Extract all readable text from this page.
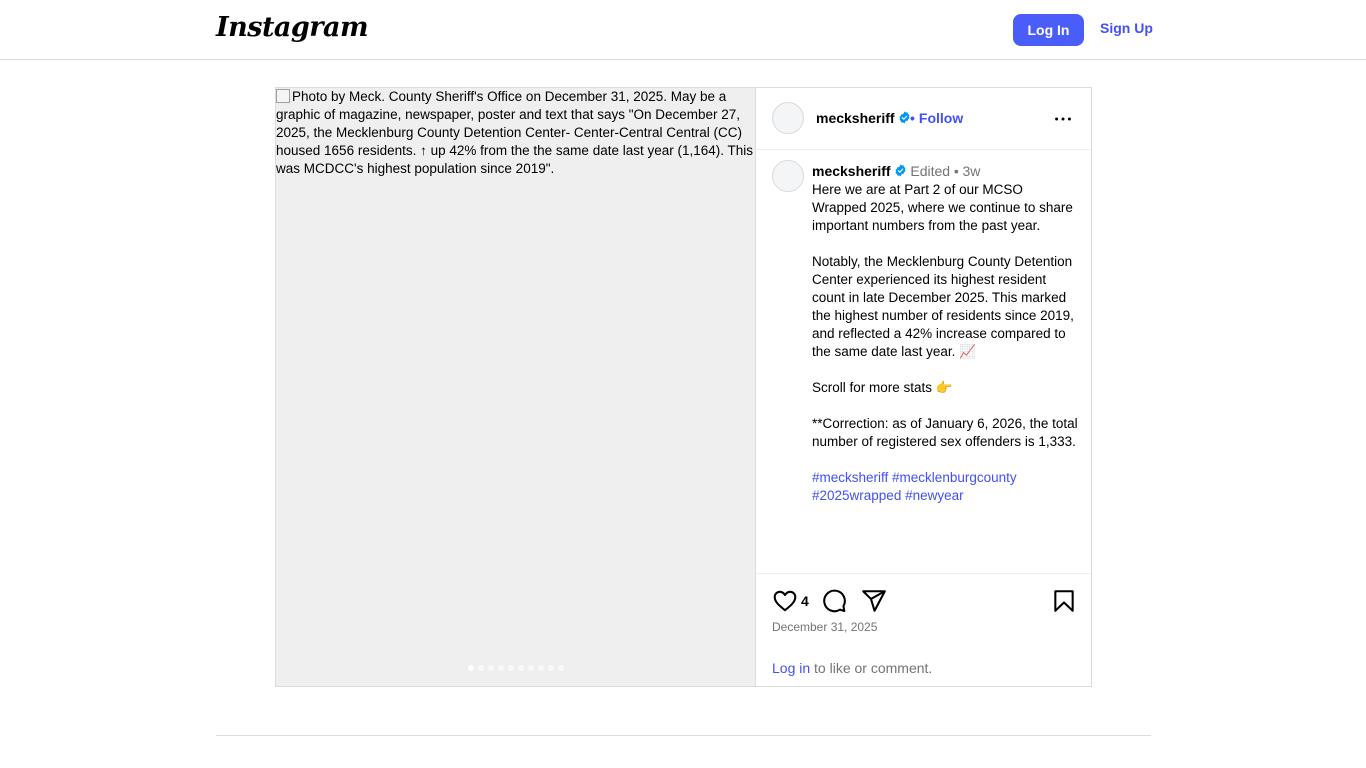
Instagram	Log In	Sign Up
Photo by Meck. County Sheriff's Office on December 31, 2025. May be a graphic of magazine, newspaper, poster and text that says "On December 27, 2025, the Mecklenburg County Detention Center- Center-Central Central (CC) housed 1656 residents. ↑ up 42% from the the same date last year (1,164). This was MCDCC's highest population since 2019".
mecksheriff	• Follow
mecksheriff Edited • 3w
Here we are at Part 2 of our MCSO Wrapped 2025, where we continue to share important numbers from the past year.

Notably, the Mecklenburg County Detention Center experienced its highest resident count in late December 2025. This marked the highest number of residents since 2019, and reflected a 42% increase compared to the same date last year. 📈

Scroll for more stats 👉

**Correction: as of January 6, 2026, the total number of registered sex offenders is 1,333.
#mecksheriff #mecklenburgcounty #2025wrapped #newyear
4
December 31, 2025
Log in to like or comment.
